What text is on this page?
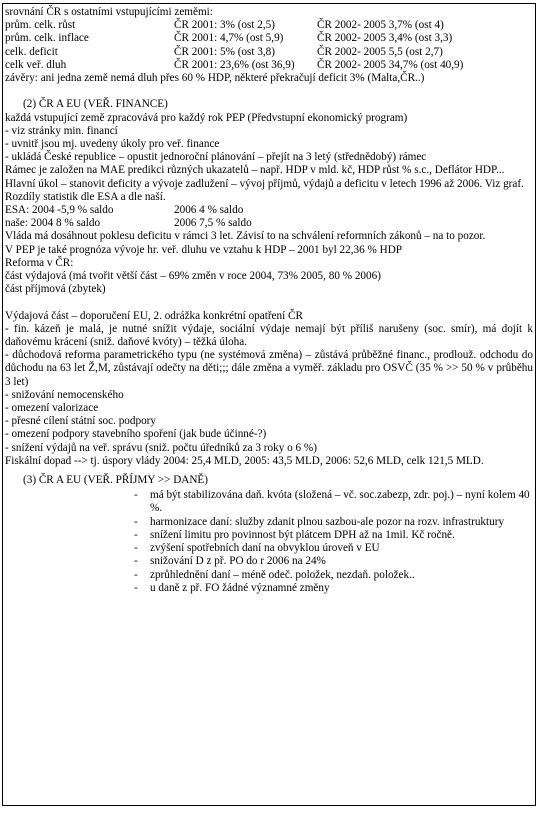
srovnání ČR s ostatními vstupujícími zeměmi:
prům. celk. růst	ČR 2001: 3% (ost 2,5)	ČR 2002- 2005 3,7% (ost 4)
prům. celk. inflace	ČR 2001: 4,7% (ost 5,9)	ČR 2002- 2005 3,4% (ost 3,3)
celk. deficit	ČR 2001: 5% (ost 3,8)	ČR 2002- 2005 5,5 (ost 2,7)
celk veř. dluh	ČR 2001: 23,6% (ost 36,9)	ČR 2002- 2005 34,7% (ost 40,9)
závěry: ani jedna země nemá dluh přes 60 % HDP, některé překračují deficit 3% (Malta,ČR..)
(2) ČR A EU (VEŘ. FINANCE)
každá vstupující země zpracovává pro každý rok PEP (Předvstupní ekonomický program)
- viz stránky min. financí
- uvnitř jsou mj. uvedeny úkoly pro veř. finance
- ukládá České republice – opustit jednoroční plánování – přejít na 3 letý (střednědobý) rámec
Rámec je založen na MAE predikci různých ukazatelů – např. HDP v mld. kč, HDP růst % s.c., Deflátor HDP...
Hlavní úkol – stanovit deficity a vývoje zadlužení – vývoj příjmů, výdajů a deficitu v letech 1996 až 2006. Viz graf.
Rozdíly statistik dle ESA a dle naší.
ESA: 2004 -5,9 % saldo	2006 4 % saldo
naše: 2004 8 % saldo	2006 7,5 % saldo
Vláda má dosáhnout poklesu deficitu v rámci 3 let. Závisí to na schválení reformních zákonů – na to pozor.
V PEP je také prognóza vývoje hr. veř. dluhu ve vztahu k HDP – 2001 byl 22,36 % HDP
Reforma v ČR:
část výdajová (má tvořit větší část – 69% změn v roce 2004, 73% 2005, 80 % 2006)
část příjmová (zbytek)
Výdajová část – doporučení EU, 2. odrážka konkrétní opatření ČR
- fin. kázeň je malá, je nutné snížit výdaje, sociální výdaje nemají být příliš narušeny (soc. smír), má dojít k daňovému krácení (sniž. daňové kvóty) – těžká úloha.
- důchodová reforma parametrického typu (ne systémová změna) – zůstává průběžné financ., prodlouž. odchodu do důchodu na 63 let Ž,M, zůstávají odečty na děti;;; dále změna a vyměř. základu pro OSVČ (35 % >> 50 % v průběhu 3 let)
- snižování nemocenského
- omezení valorizace
- přesné cílení státní soc. podpory
- omezení podpory stavebního spoření (jak bude účinné-?)
- snížení výdajů na veř. správu (sniž. počtu úředníků za 3 roky o 6 %)
Fiskální dopad --> tj. úspory vlády 2004: 25,4 MLD, 2005: 43,5 MLD, 2006: 52,6 MLD, celk 121,5 MLD.
(3) ČR A EU (VEŘ. PŘÍJMY >> DANĚ)
-	má být stabilizována daň. kvóta (složená – vč. soc.zabezp, zdr. poj.) – nyní kolem 40 %.
-	harmonizace daní: služby zdanit plnou sazbou-ale pozor na rozv. infrastruktury
-	snížení limitu pro povinnost být plátcem DPH až na 1mil. Kč ročně.
-	zvýšení spotřebních daní na obvyklou úroveň v EU
-	snižování D z př. PO do r 2006 na 24%
-	zprůhlednění daní – méně odeč. položek, nezdaň. položek..
-	u daně z př. FO žádné významné změny
